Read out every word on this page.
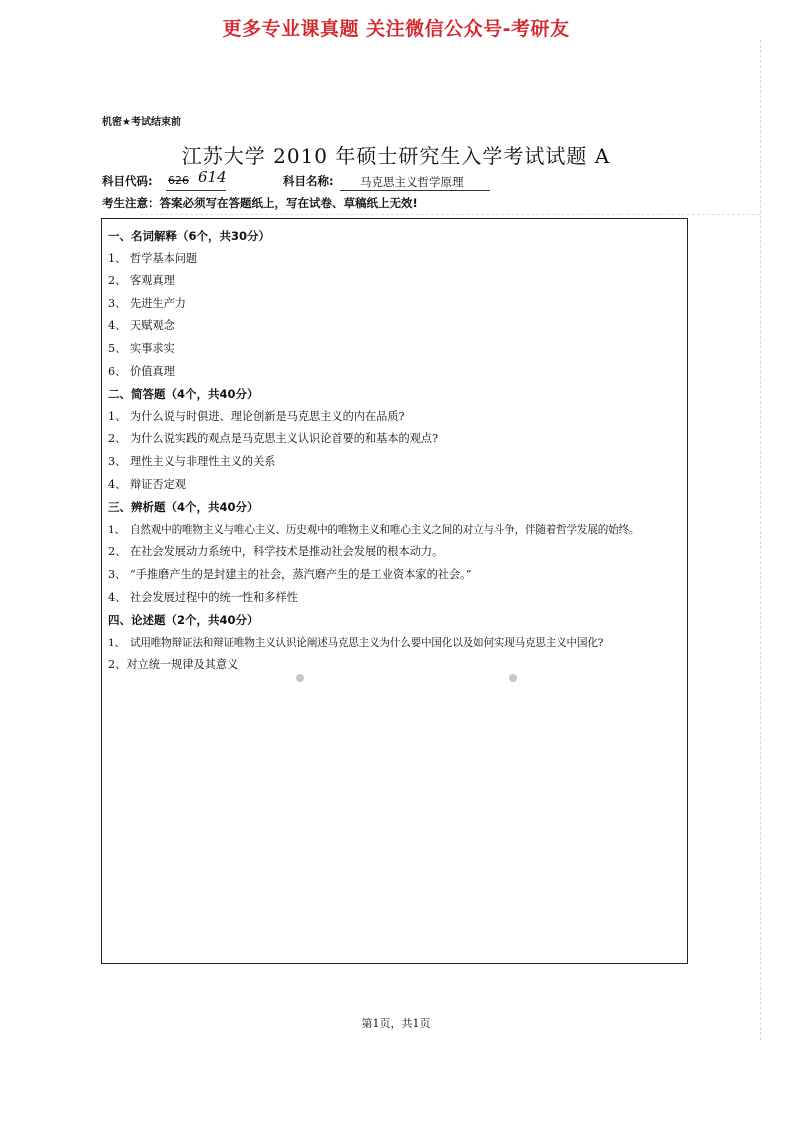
更多专业课真题 关注微信公众号-考研友
机密★考试结束前
江苏大学 2010 年硕士研究生入学考试试题 A
科目代码: 626 614	科目名称: 马克思主义哲学原理
考生注意：答案必须写在答题纸上，写在试卷、草稿纸上无效!
一、名词解释（6个，共30分）
1、 哲学基本问题
2、 客观真理
3、 先进生产力
4、 天赋观念
5、 实事求实
6、 价值真理
二、简答题（4个，共40分）
1、 为什么说与时俱进、理论创新是马克思主义的内在品质?
2、 为什么说实践的观点是马克思主义认识论首要的和基本的观点?
3、 理性主义与非理性主义的关系
4、 辩证否定观
三、辨析题（4个，共40分）
1、 自然观中的唯物主义与唯心主义、历史观中的唯物主义和唯心主义之间的对立与斗争，伴随着哲学发展的始终。
2、 在社会发展动力系统中，科学技术是推动社会发展的根本动力。
3、 “手推磨产生的是封建主的社会，蒸汽磨产生的是工业资本家的社会。”
4、 社会发展过程中的统一性和多样性
四、论述题（2个，共40分）
1、 试用唯物辩证法和辩证唯物主义认识论阐述马克思主义为什么要中国化以及如何实现马克思主义中国化?
2、对立统一规律及其意义
第1页，共1页
